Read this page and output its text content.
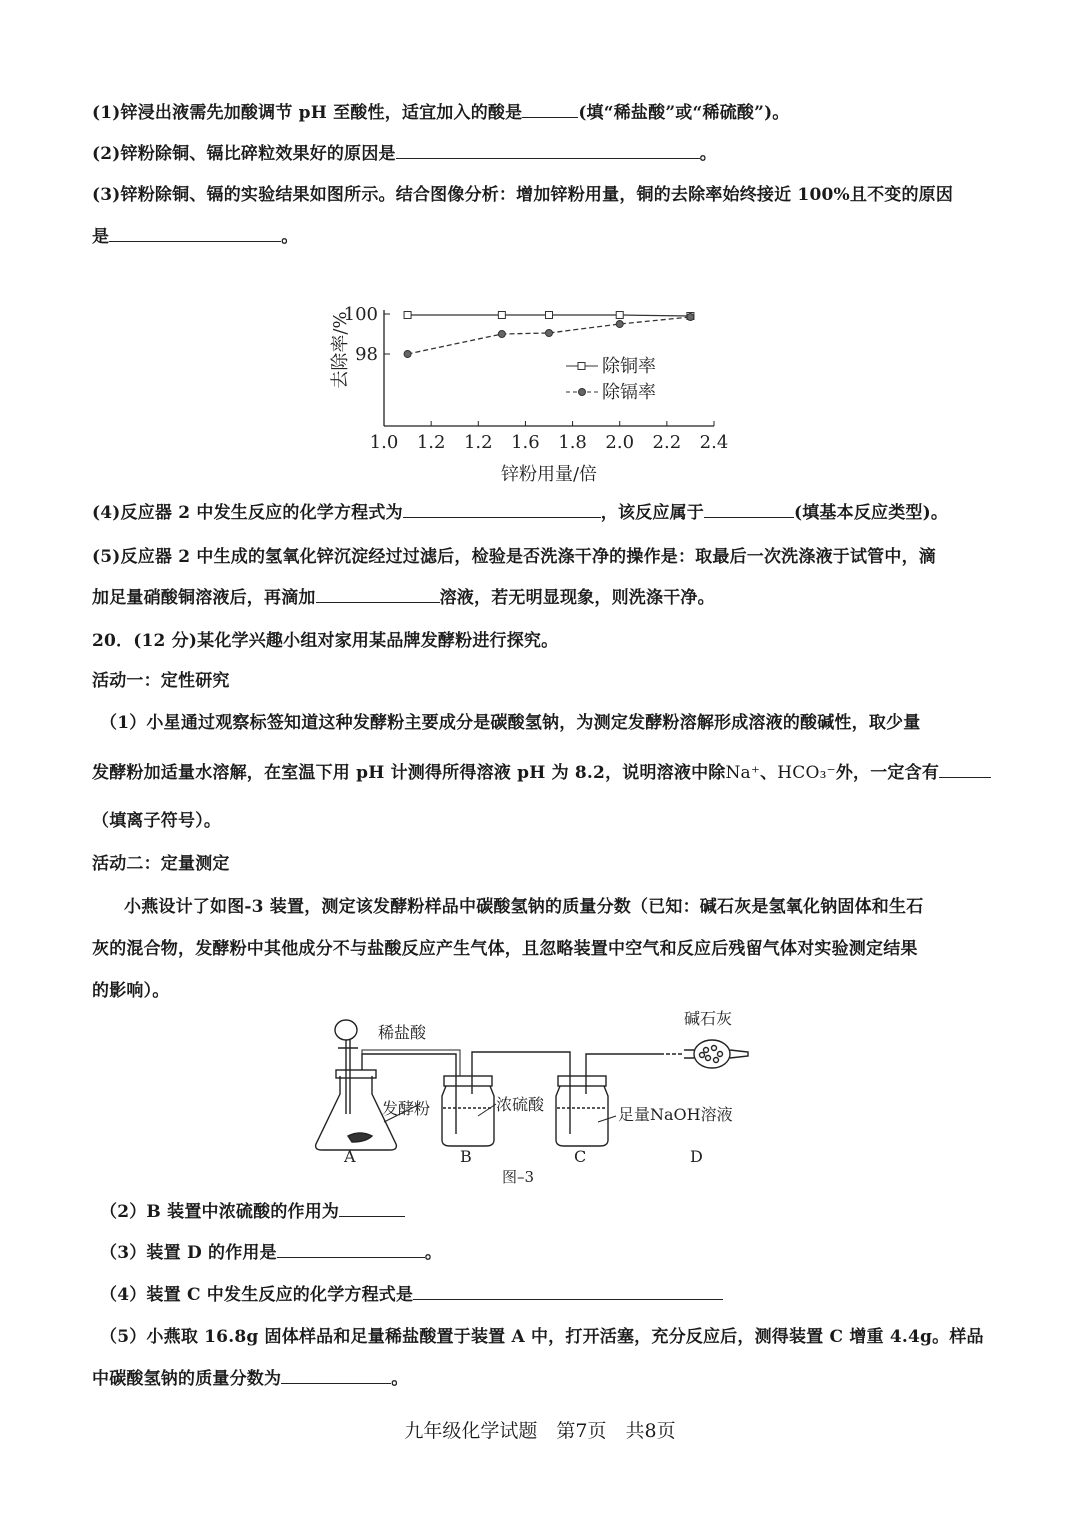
(1)锌浸出液需先加酸调节 pH 至酸性，适宜加入的酸是	(填“稀盐酸”或“稀硫酸”)。
(2)锌粉除铜、镉比碎粒效果好的原因是	。
(3)锌粉除铜、镉的实验结果如图所示。结合图像分析：增加锌粉用量，铜的去除率始终接近 100%且不变的原因
是	。
100
98
1.0 1.2 1.2 1.6 1.8 2.0 2.2 2.4
去除率/%
锌粉用量/倍
除铜率
除镉率
(4)反应器 2 中发生反应的化学方程式为	，该反应属于	(填基本反应类型)。
(5)反应器 2 中生成的氢氧化锌沉淀经过过滤后，检验是否洗涤干净的操作是：取最后一次洗涤液于试管中，滴
加足量硝酸铜溶液后，再滴加	溶液，若无明显现象，则洗涤干净。
20．(12 分)某化学兴趣小组对家用某品牌发酵粉进行探究。
活动一：定性研究
（1）小星通过观察标签知道这种发酵粉主要成分是碳酸氢钠，为测定发酵粉溶解形成溶液的酸碱性，取少量
发酵粉加适量水溶解，在室温下用 pH 计测得所得溶液 pH 为 8.2，说明溶液中除Na⁺、HCO₃⁻外，一定含有
（填离子符号）。
活动二：定量测定
小燕设计了如图-3 装置，测定该发酵粉样品中碳酸氢钠的质量分数（已知：碱石灰是氢氧化钠固体和生石
灰的混合物，发酵粉中其他成分不与盐酸反应产生气体，且忽略装置中空气和反应后残留气体对实验测定结果
的影响）。
稀盐酸
发酵粉	浓硫酸
足量NaOH溶液
碱石灰
A	B	C	D
图–3
（2）B 装置中浓硫酸的作用为
（3）装置 D 的作用是	。
（4）装置 C 中发生反应的化学方程式是
（5）小燕取 16.8g 固体样品和足量稀盐酸置于装置 A 中，打开活塞，充分反应后，测得装置 C 增重 4.4g。样品
中碳酸氢钠的质量分数为	。
九年级化学试题　第7页　共8页
